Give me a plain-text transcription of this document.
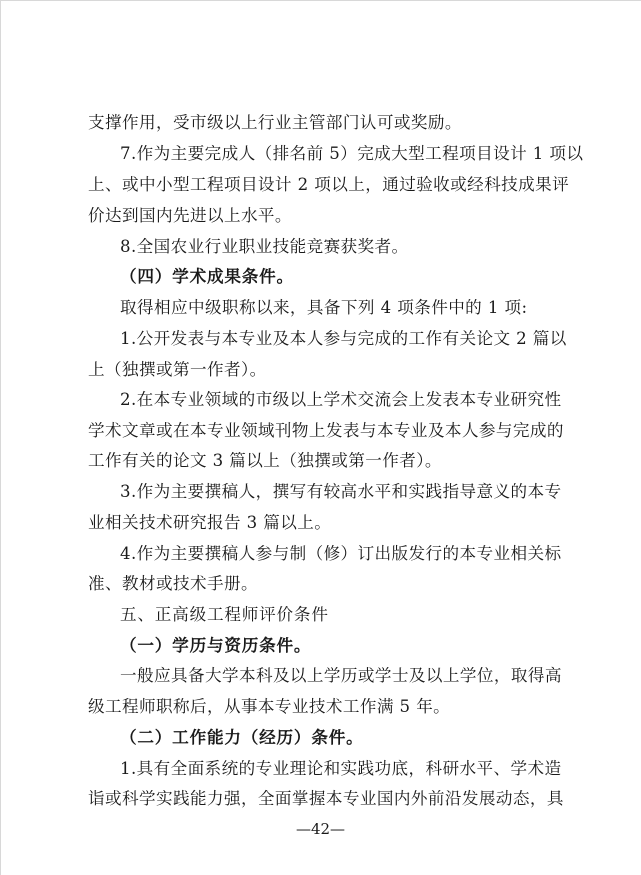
支撑作用，受市级以上行业主管部门认可或奖励。
7.作为主要完成人（排名前 5）完成大型工程项目设计 1 项以
上、或中小型工程项目设计 2 项以上，通过验收或经科技成果评
价达到国内先进以上水平。
8.全国农业行业职业技能竞赛获奖者。
（四）学术成果条件。
取得相应中级职称以来，具备下列 4 项条件中的 1 项:
1.公开发表与本专业及本人参与完成的工作有关论文 2 篇以
上（独撰或第一作者）。
2.在本专业领域的市级以上学术交流会上发表本专业研究性
学术文章或在本专业领域刊物上发表与本专业及本人参与完成的
工作有关的论文 3 篇以上（独撰或第一作者）。
3.作为主要撰稿人，撰写有较高水平和实践指导意义的本专
业相关技术研究报告 3 篇以上。
4.作为主要撰稿人参与制（修）订出版发行的本专业相关标
准、教材或技术手册。
五、正高级工程师评价条件
（一）学历与资历条件。
一般应具备大学本科及以上学历或学士及以上学位，取得高
级工程师职称后，从事本专业技术工作满 5 年。
（二）工作能力（经历）条件。
1.具有全面系统的专业理论和实践功底，科研水平、学术造
诣或科学实践能力强，全面掌握本专业国内外前沿发展动态，具
—42—
